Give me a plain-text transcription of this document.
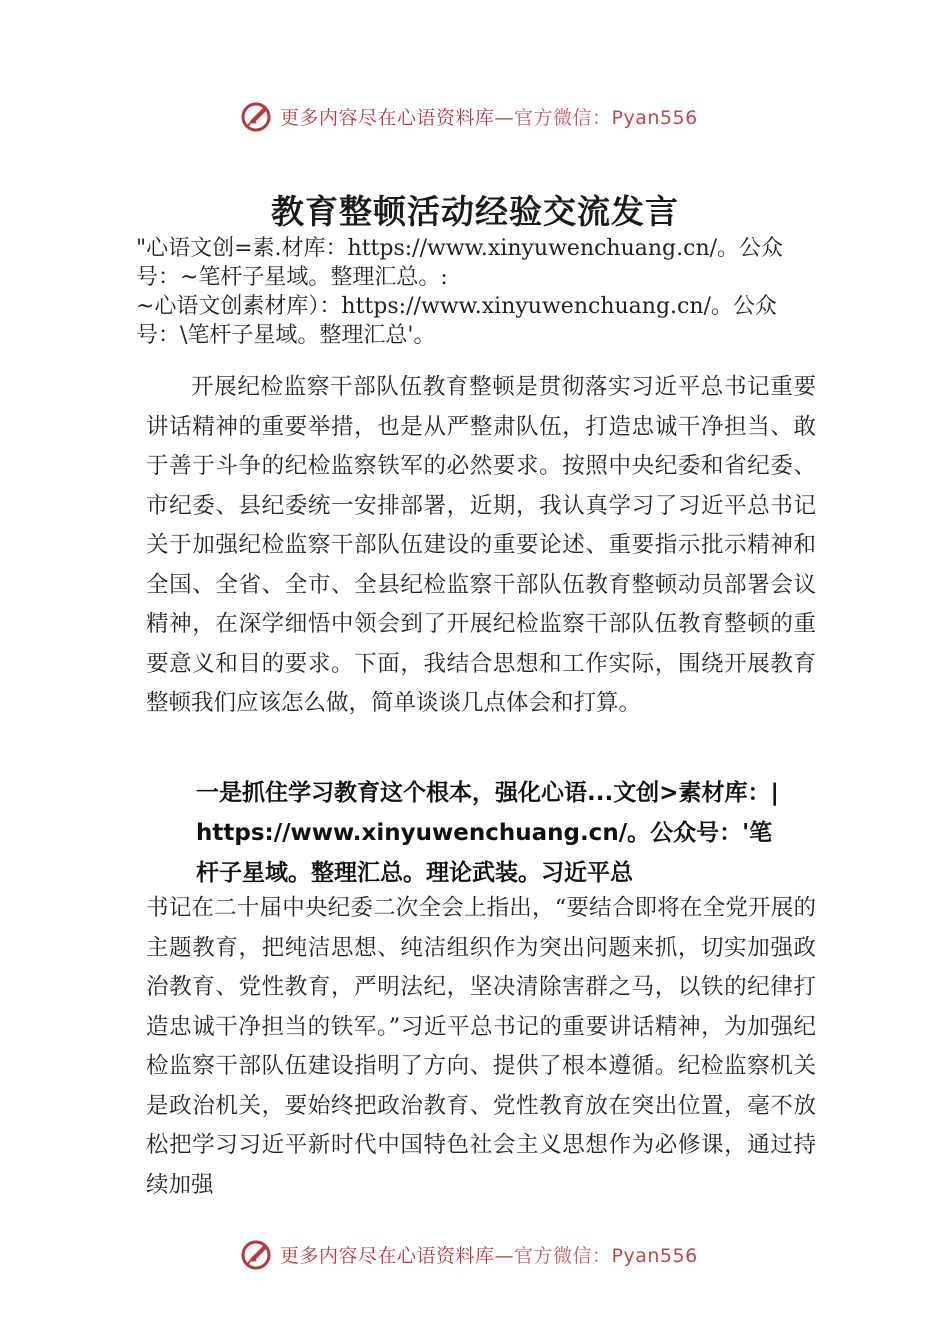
更多内容尽在心语资料库—官方微信：Pyan556
教育整顿活动经验交流发言

"心语文创=素.材库：https://www.xinyuwenchuang.cn/。公众

号：~笔杆子星域。整理汇总。:

~心语文创素材库）：https://www.xinyuwenchuang.cn/。公众

号：\笔杆子星域。整理汇总'。

开展纪检监察干部队伍教育整顿是贯彻落实习近平总书记重要讲话精神的重要举措，也是从严整肃队伍，打造忠诚干净担当、敢于善于斗争的纪检监察铁军的必然要求。按照中央纪委和省纪委、市纪委、县纪委统一安排部署，近期，我认真学习了习近平总书记关于加强纪检监察干部队伍建设的重要论述、重要指示批示精神和全国、全省、全市、全县纪检监察干部队伍教育整顿动员部署会议精神，在深学细悟中领会到了开展纪检监察干部队伍教育整顿的重要意义和目的要求。下面，我结合思想和工作实际，围绕开展教育整顿我们应该怎么做，简单谈谈几点体会和打算。

一是抓住学习教育这个根本，强化心语...文创>素材库：|
https://www.xinyuwenchuang.cn/。公众号：'笔
杆子星域。整理汇总。理论武装。习近平总

书记在二十届中央纪委二次全会上指出，“要结合即将在全党开展的主题教育，把纯洁思想、纯洁组织作为突出问题来抓，切实加强政治教育、党性教育，严明法纪，坚决清除害群之马，以铁的纪律打造忠诚干净担当的铁军。”习近平总书记的重要讲话精神，为加强纪检监察干部队伍建设指明了方向、提供了根本遵循。纪检监察机关是政治机关，要始终把政治教育、党性教育放在突出位置，毫不放松把学习习近平新时代中国特色社会主义思想作为必修课，通过持续加强

更多内容尽在心语资料库—官方微信：Pyan556
